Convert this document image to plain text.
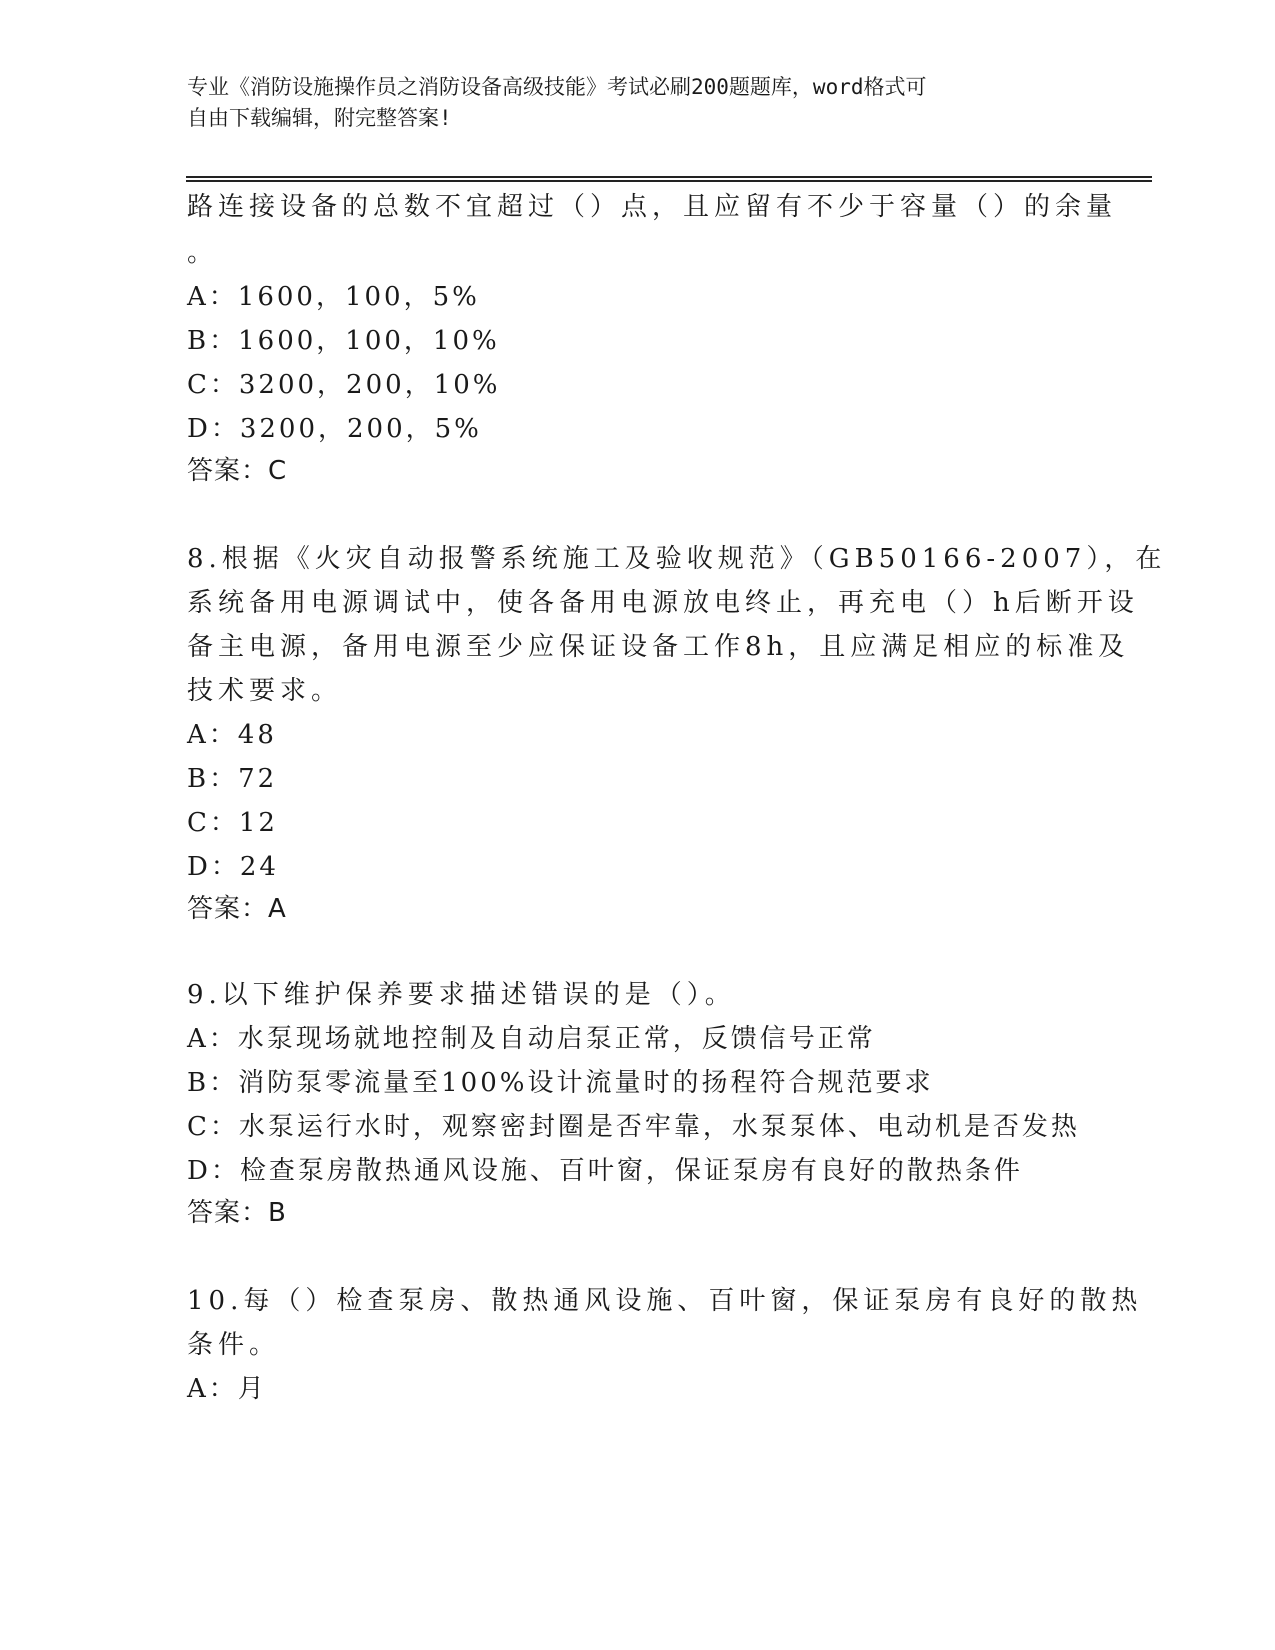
专业《消防设施操作员之消防设备高级技能》考试必刷200题题库，word格式可
自由下载编辑，附完整答案!
路连接设备的总数不宜超过（）点，且应留有不少于容量（）的余量
。
A：1600，100，5%
B：1600，100，10%
C：3200，200，10%
D：3200，200，5%
答案：C
8.根据《火灾自动报警系统施工及验收规范》（GB50166-2007），在
系统备用电源调试中，使各备用电源放电终止，再充电（）h后断开设
备主电源，备用电源至少应保证设备工作8h，且应满足相应的标准及
技术要求。
A：48
B：72
C：12
D：24
答案：A
9.以下维护保养要求描述错误的是（）。
A：水泵现场就地控制及自动启泵正常，反馈信号正常
B：消防泵零流量至100%设计流量时的扬程符合规范要求
C：水泵运行水时，观察密封圈是否牢靠，水泵泵体、电动机是否发热
D：检查泵房散热通风设施、百叶窗，保证泵房有良好的散热条件
答案：B
10.每（）检查泵房、散热通风设施、百叶窗，保证泵房有良好的散热
条件。
A：月
